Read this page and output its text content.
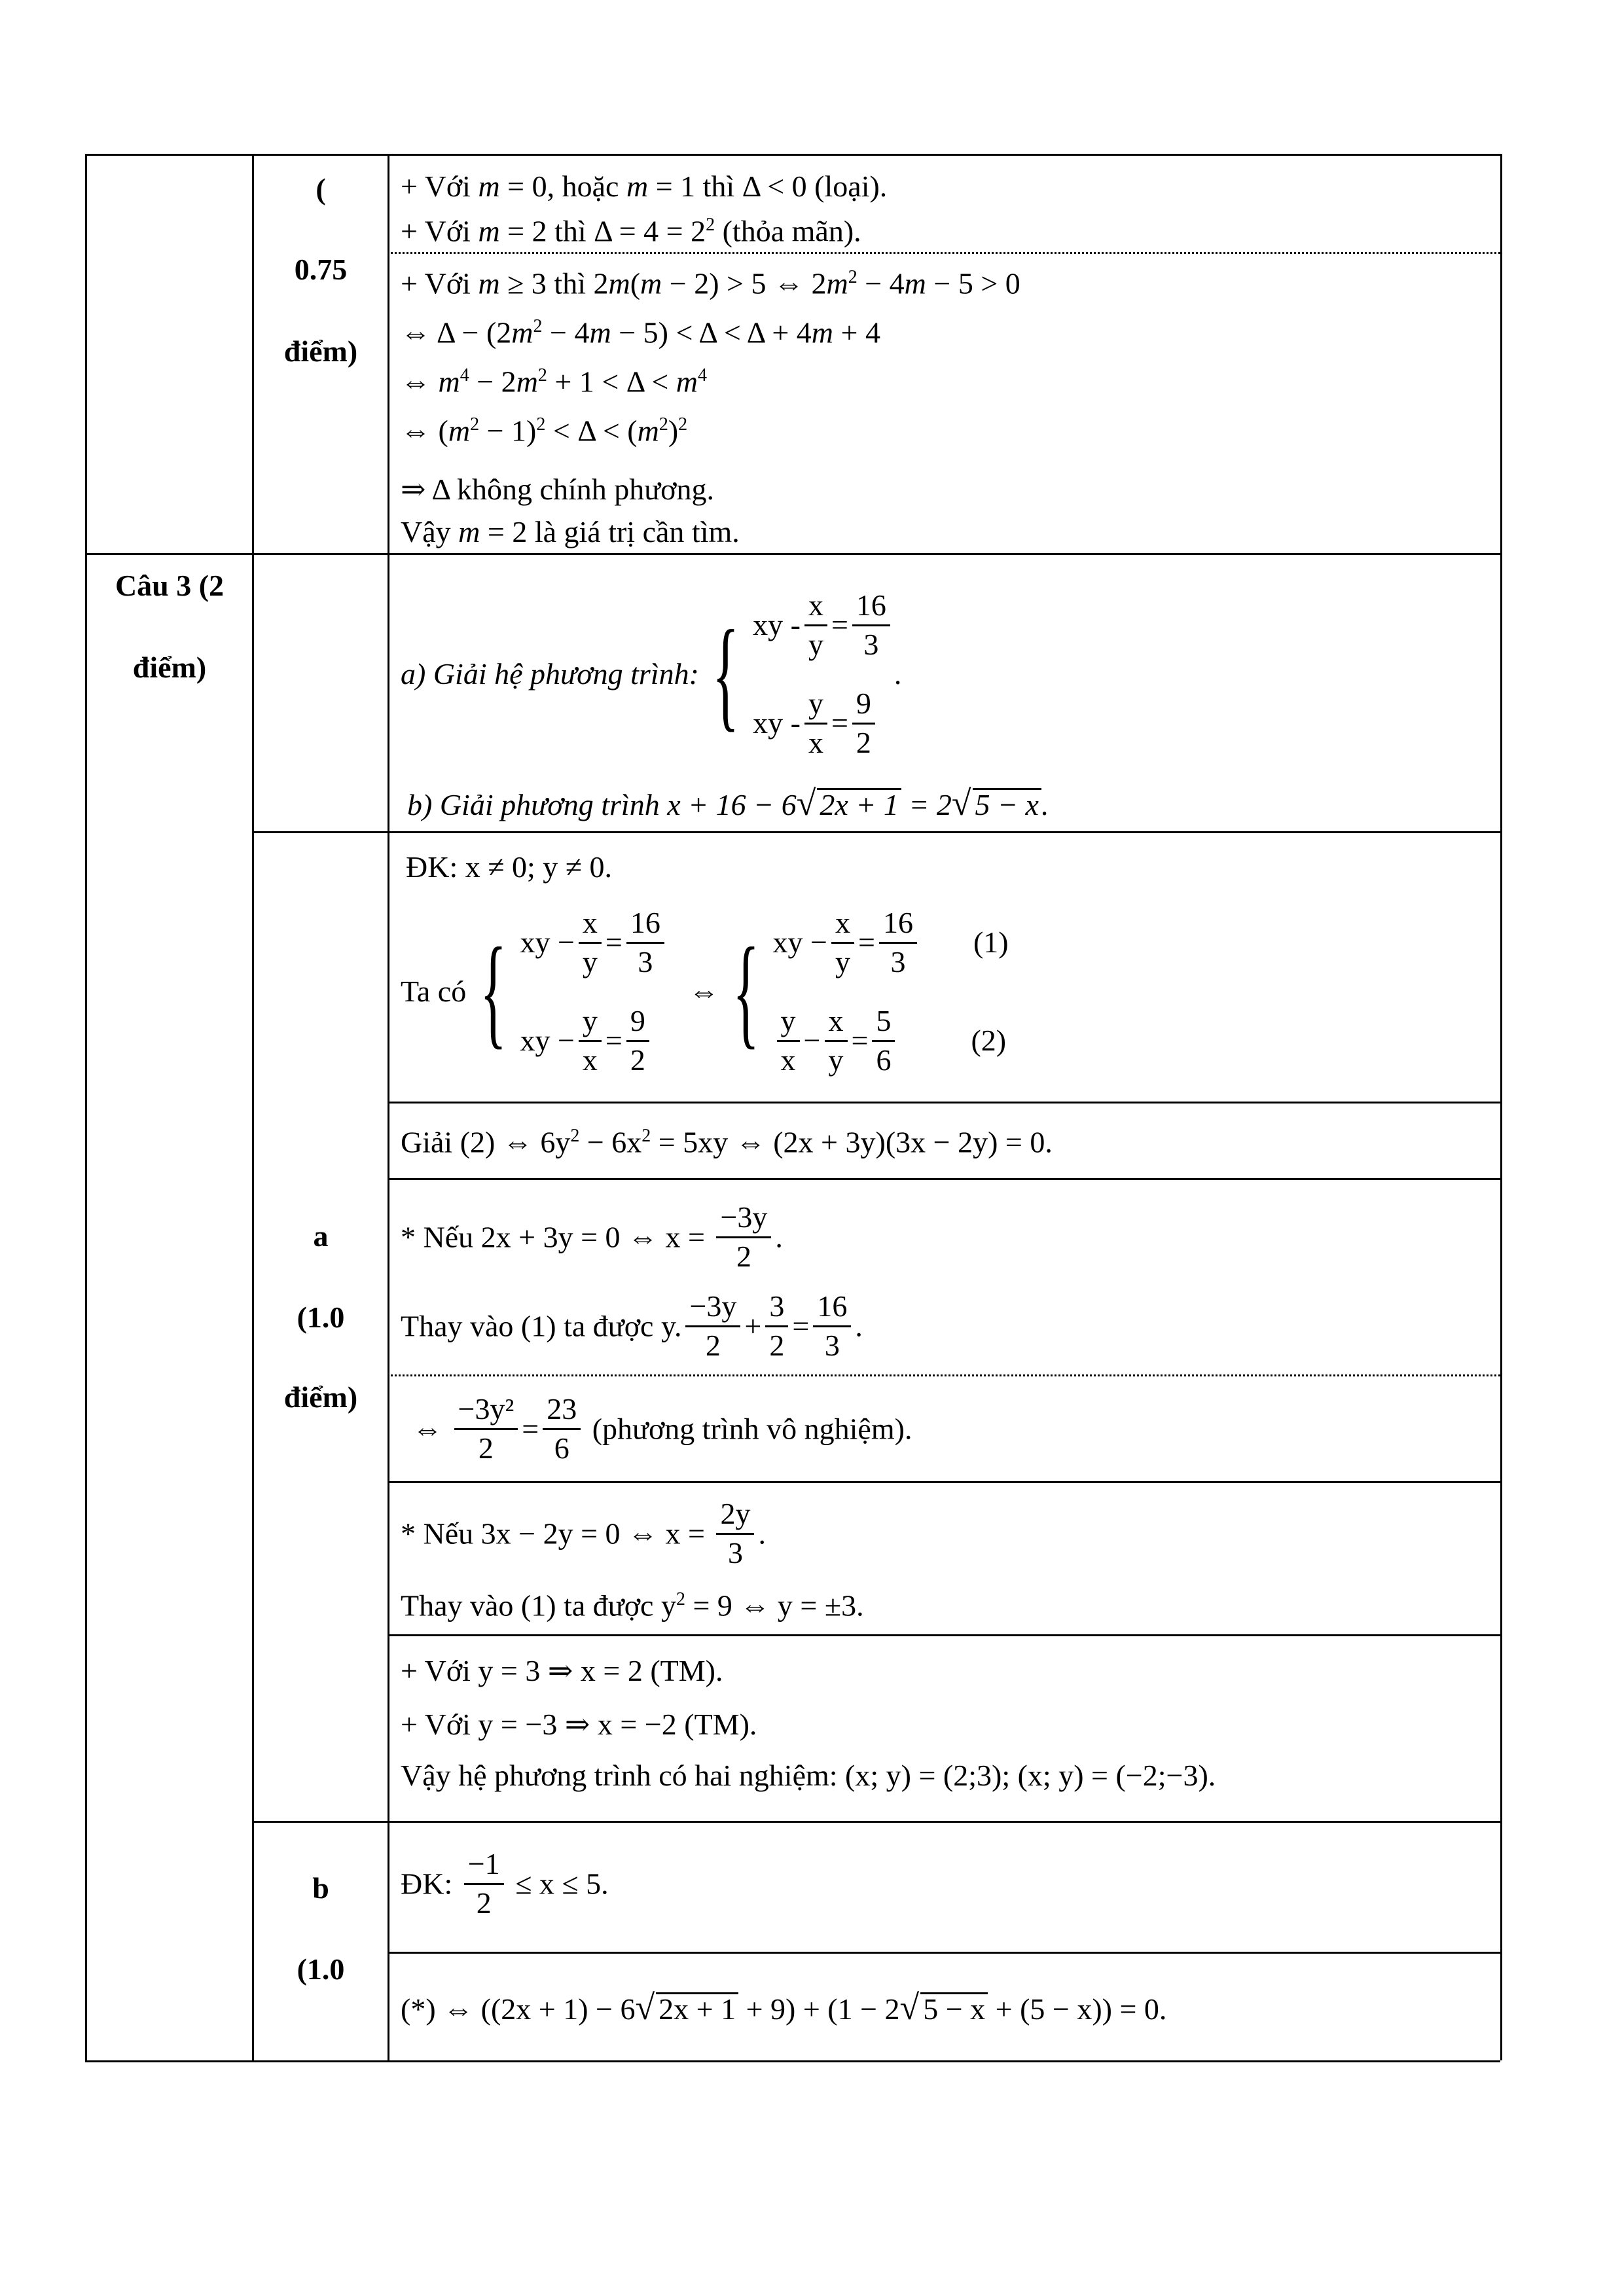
(
0.75
điểm)
Câu 3 (2
điểm)
a
(1.0
điểm)
b
(1.0
+ Với m = 0, hoặc m = 1 thì Δ < 0 (loại).
+ Với m = 2 thì $\Delta = 4 = 2^2$ (thỏa mãn).
+ Với m ≥ 3 thì 2m(m − 2) > 5 ⇔ $2m^2 - 4m - 5 > 0$
⇔ $\Delta - (2m^2 - 4m - 5) < \Delta < \Delta + 4m + 4$
⇔ $m^4 - 2m^2 + 1 < \Delta < m^4$
⇔ $(m^2 - 1)^2 < \Delta < (m^2)^2$
⇒ Δ không chính phương.
Vậy m = 2 là giá trị cần tìm.
a) Giải hệ phương trình: { xy - $\frac{x}{y} = \frac{16}{3}$
xy - $\frac{y}{x} = \frac{9}{2}$
.
b) Giải phương trình x + 16 − 6√ 2x + 1 = 2√ 5 − x.
ĐK: x ≠ 0; y ≠ 0.
Ta có { xy − $\frac{x}{y} = \frac{16}{3}$
xy − $\frac{y}{x} = \frac{9}{2}$
⇔ { xy − $\frac{x}{y} = \frac{16}{3} (1)$
$\frac{y}{x} - \frac{x}{y} = \frac{5}{6}$	(2)
Giải (2) ⇔ $6y^2 - 6x^2 = 5xy$ ⇔ (2x + 3y)(3x − 2y) = 0.
* Nếu 2x + 3y = 0 ⇔ $x = \frac{-3y}{2}$ .
Thay vào (1) ta được y. $\frac{-3y}{2} + \frac{3}{2} = \frac{16}{3}$ .
⇔ $\frac{\text{−3y²}}{2} = \frac{23}{6}$ (phương trình vô nghiệm).
* Nếu 3x − 2y = 0 ⇔ $x = \frac{2y}{3}$ .
Thay vào (1) ta được $y^2 = 9$ ⇔ y = ±3.
+ Với y = 3 ⇒ x = 2 (TM).
+ Với y = −3 ⇒ x = −2 (TM).
Vậy hệ phương trình có hai nghiệm: (x; y) = (2;3); (x; y) = (−2;−3).
ĐK: $\frac{-1}{2} \le x \le 5$.
(*) ⇔ ((2x + 1) − 6√ 2x + 1 + 9) + (1 − 2√ 5 − x + (5 − x)) = 0.
